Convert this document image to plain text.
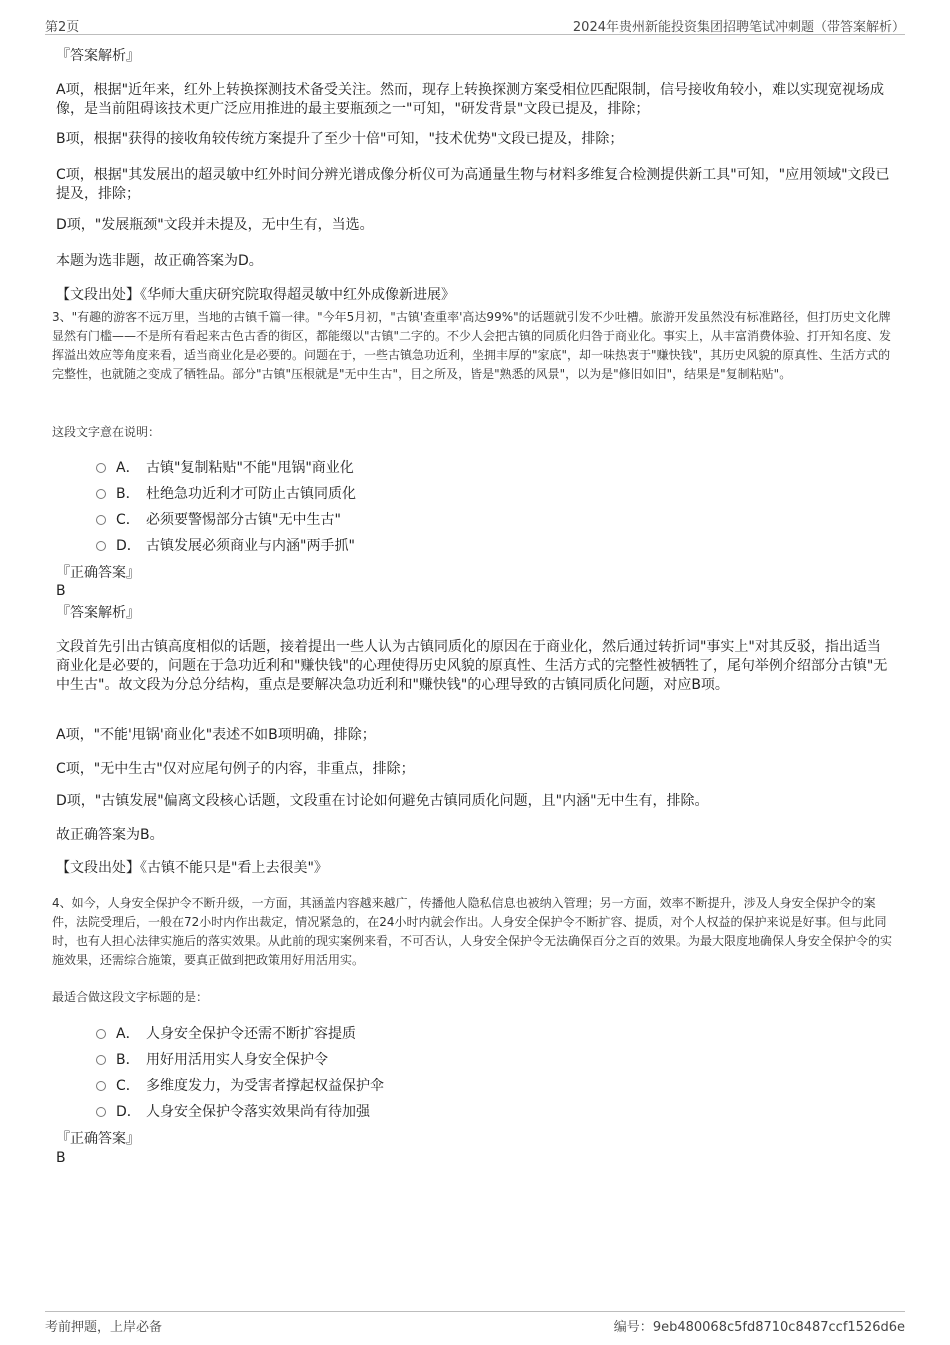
第2页	2024年贵州新能投资集团招聘笔试冲刺题（带答案解析）

『答案解析』

A项，根据"近年来，红外上转换探测技术备受关注。然而，现存上转换探测方案受相位匹配限制，信号接收角较小，难以实现宽视场成像，是当前阻碍该技术更广泛应用推进的最主要瓶颈之一"可知，"研发背景"文段已提及，排除；

B项，根据"获得的接收角较传统方案提升了至少十倍"可知，"技术优势"文段已提及，排除；

C项，根据"其发展出的超灵敏中红外时间分辨光谱成像分析仪可为高通量生物与材料多维复合检测提供新工具"可知，"应用领域"文段已提及，排除；

D项，"发展瓶颈"文段并未提及，无中生有，当选。

本题为选非题，故正确答案为D。

【文段出处】《华师大重庆研究院取得超灵敏中红外成像新进展》

3、"有趣的游客不远万里，当地的古镇千篇一律。"今年5月初，"古镇'查重率'高达99%"的话题就引发不少吐槽。旅游开发虽然没有标准路径，但打历史文化牌显然有门槛——不是所有看起来古色古香的街区，都能缀以"古镇"二字的。不少人会把古镇的同质化归咎于商业化。事实上，从丰富消费体验、打开知名度、发挥溢出效应等角度来看，适当商业化是必要的。问题在于，一些古镇急功近利，坐拥丰厚的"家底"，却一味热衷于"赚快钱"，其历史风貌的原真性、生活方式的完整性，也就随之变成了牺牲品。部分"古镇"压根就是"无中生古"，目之所及，皆是"熟悉的风景"，以为是"修旧如旧"，结果是"复制粘贴"。

这段文字意在说明：

A． 古镇"复制粘贴"不能"甩锅"商业化
B． 杜绝急功近利才可防止古镇同质化
C． 必须要警惕部分古镇"无中生古"
D． 古镇发展必须商业与内涵"两手抓"

『正确答案』

B

『答案解析』

文段首先引出古镇高度相似的话题，接着提出一些人认为古镇同质化的原因在于商业化，然后通过转折词"事实上"对其反驳，指出适当商业化是必要的，问题在于急功近利和"赚快钱"的心理使得历史风貌的原真性、生活方式的完整性被牺牲了，尾句举例介绍部分古镇"无中生古"。故文段为分总分结构，重点是要解决急功近利和"赚快钱"的心理导致的古镇同质化问题，对应B项。

A项，"不能'甩锅'商业化"表述不如B项明确，排除；

C项，"无中生古"仅对应尾句例子的内容，非重点，排除；

D项，"古镇发展"偏离文段核心话题，文段重在讨论如何避免古镇同质化问题，且"内涵"无中生有，排除。

故正确答案为B。

【文段出处】《古镇不能只是"看上去很美"》

4、如今，人身安全保护令不断升级，一方面，其涵盖内容越来越广，传播他人隐私信息也被纳入管理；另一方面，效率不断提升，涉及人身安全保护令的案件，法院受理后，一般在72小时内作出裁定，情况紧急的，在24小时内就会作出。人身安全保护令不断扩容、提质，对个人权益的保护来说是好事。但与此同时，也有人担心法律实施后的落实效果。从此前的现实案例来看，不可否认，人身安全保护令无法确保百分之百的效果。为最大限度地确保人身安全保护令的实施效果，还需综合施策，要真正做到把政策用好用活用实。

最适合做这段文字标题的是：

A． 人身安全保护令还需不断扩容提质
B． 用好用活用实人身安全保护令
C． 多维度发力，为受害者撑起权益保护伞
D． 人身安全保护令落实效果尚有待加强

『正确答案』

B

考前押题，上岸必备	编号：9eb480068c5fd8710c8487ccf1526d6e
